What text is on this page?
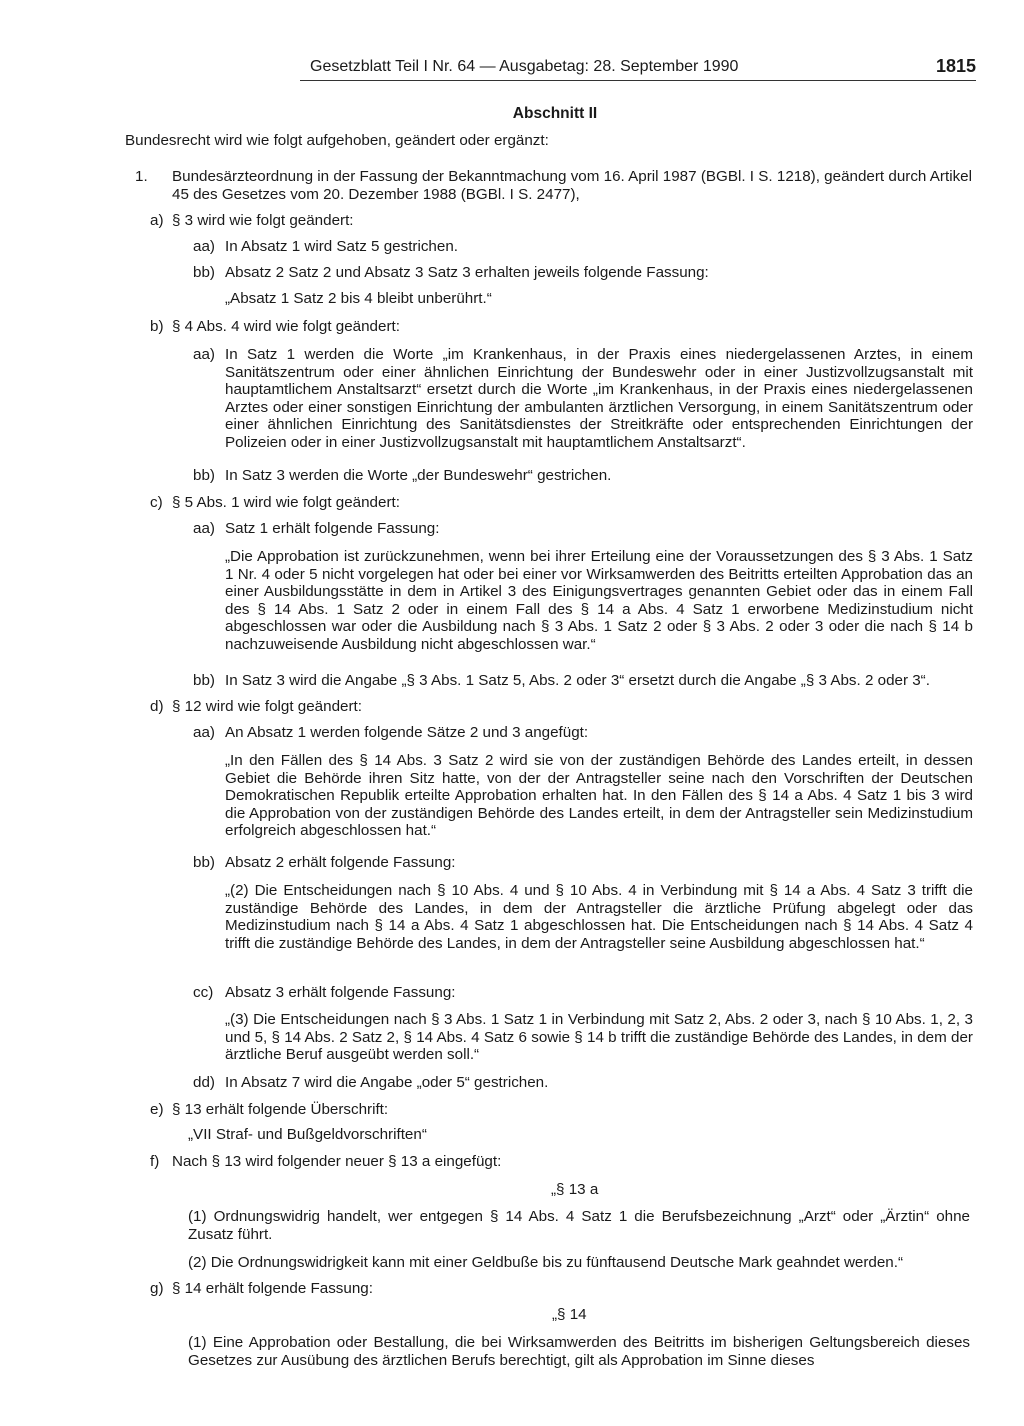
Gesetzblatt Teil I Nr. 64 — Ausgabetag: 28. September 1990	1815
Abschnitt II
Bundesrecht wird wie folgt aufgehoben, geändert oder ergänzt:
1. Bundesärzteordnung in der Fassung der Bekanntmachung vom 16. April 1987 (BGBl. I S. 1218), geändert durch Artikel 45 des Gesetzes vom 20. Dezember 1988 (BGBl. I S. 2477),
a) § 3 wird wie folgt geändert:
aa) In Absatz 1 wird Satz 5 gestrichen.
bb) Absatz 2 Satz 2 und Absatz 3 Satz 3 erhalten jeweils folgende Fassung:
„Absatz 1 Satz 2 bis 4 bleibt unberührt.“
b) § 4 Abs. 4 wird wie folgt geändert:
aa) In Satz 1 werden die Worte „im Krankenhaus, in der Praxis eines niedergelassenen Arztes, in einem Sanitätszentrum oder einer ähnlichen Einrichtung der Bundeswehr oder in einer Justizvollzugsanstalt mit hauptamtlichem Anstaltsarzt“ ersetzt durch die Worte „im Krankenhaus, in der Praxis eines niedergelassenen Arztes oder einer sonstigen Einrichtung der ambulanten ärztlichen Versorgung, in einem Sanitätszentrum oder einer ähnlichen Einrichtung des Sanitätsdienstes der Streitkräfte oder entsprechenden Einrichtungen der Polizeien oder in einer Justizvollzugsanstalt mit hauptamtlichem Anstaltsarzt“.
bb) In Satz 3 werden die Worte „der Bundeswehr“ gestrichen.
c) § 5 Abs. 1 wird wie folgt geändert:
aa) Satz 1 erhält folgende Fassung:
„Die Approbation ist zurückzunehmen, wenn bei ihrer Erteilung eine der Voraussetzungen des § 3 Abs. 1 Satz 1 Nr. 4 oder 5 nicht vorgelegen hat oder bei einer vor Wirksamwerden des Beitritts erteilten Approbation das an einer Ausbildungsstätte in dem in Artikel 3 des Einigungsvertrages genannten Gebiet oder das in einem Fall des § 14 Abs. 1 Satz 2 oder in einem Fall des § 14 a Abs. 4 Satz 1 erworbene Medizinstudium nicht abgeschlossen war oder die Ausbildung nach § 3 Abs. 1 Satz 2 oder § 3 Abs. 2 oder 3 oder die nach § 14 b nachzuweisende Ausbildung nicht abgeschlossen war.“
bb) In Satz 3 wird die Angabe „§ 3 Abs. 1 Satz 5, Abs. 2 oder 3“ ersetzt durch die Angabe „§ 3 Abs. 2 oder 3“.
d) § 12 wird wie folgt geändert:
aa) An Absatz 1 werden folgende Sätze 2 und 3 angefügt:
„In den Fällen des § 14 Abs. 3 Satz 2 wird sie von der zuständigen Behörde des Landes erteilt, in dessen Gebiet die Behörde ihren Sitz hatte, von der der Antragsteller seine nach den Vorschriften der Deutschen Demokratischen Republik erteilte Approbation erhalten hat. In den Fällen des § 14 a Abs. 4 Satz 1 bis 3 wird die Approbation von der zuständigen Behörde des Landes erteilt, in dem der Antragsteller sein Medizinstudium erfolgreich abgeschlossen hat.“
bb) Absatz 2 erhält folgende Fassung:
„(2) Die Entscheidungen nach § 10 Abs. 4 und § 10 Abs. 4 in Verbindung mit § 14 a Abs. 4 Satz 3 trifft die zuständige Behörde des Landes, in dem der Antragsteller die ärztliche Prüfung abgelegt oder das Medizinstudium nach § 14 a Abs. 4 Satz 1 abgeschlossen hat. Die Entscheidungen nach § 14 Abs. 4 Satz 4 trifft die zuständige Behörde des Landes, in dem der Antragsteller seine Ausbildung abgeschlossen hat.“
cc) Absatz 3 erhält folgende Fassung:
„(3) Die Entscheidungen nach § 3 Abs. 1 Satz 1 in Verbindung mit Satz 2, Abs. 2 oder 3, nach § 10 Abs. 1, 2, 3 und 5, § 14 Abs. 2 Satz 2, § 14 Abs. 4 Satz 6 sowie § 14 b trifft die zuständige Behörde des Landes, in dem der ärztliche Beruf ausgeübt werden soll.“
dd) In Absatz 7 wird die Angabe „oder 5“ gestrichen.
e) § 13 erhält folgende Überschrift:
„VII Straf- und Bußgeldvorschriften“
f) Nach § 13 wird folgender neuer § 13 a eingefügt:
„§ 13 a
(1) Ordnungswidrig handelt, wer entgegen § 14 Abs. 4 Satz 1 die Berufsbezeichnung „Arzt“ oder „Ärztin“ ohne Zusatz führt.
(2) Die Ordnungswidrigkeit kann mit einer Geldbuße bis zu fünftausend Deutsche Mark geahndet werden.“
g) § 14 erhält folgende Fassung:
„§ 14
(1) Eine Approbation oder Bestallung, die bei Wirksamwerden des Beitritts im bisherigen Geltungsbereich dieses Gesetzes zur Ausübung des ärztlichen Berufs berechtigt, gilt als Approbation im Sinne dieses
